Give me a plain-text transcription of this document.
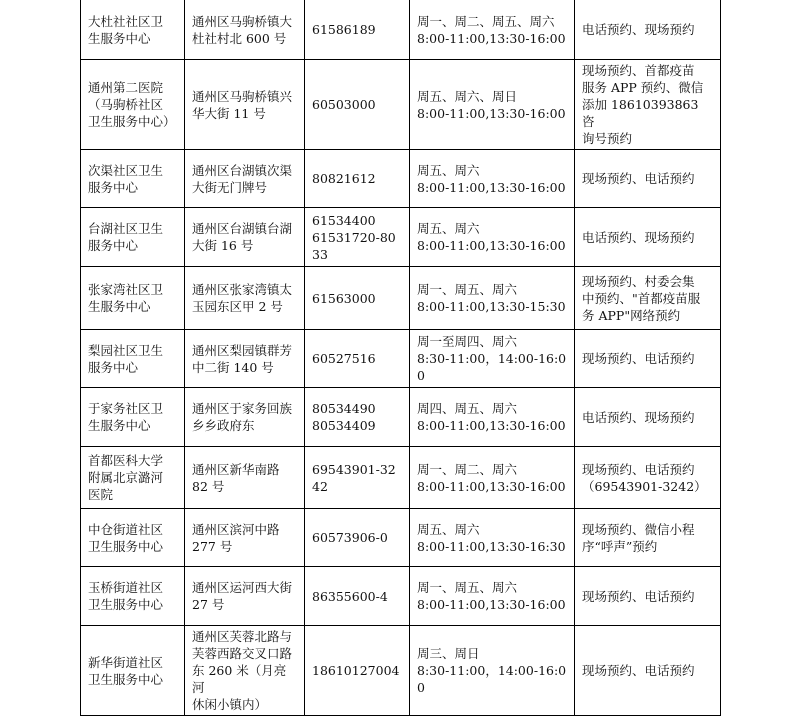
大杜社社区卫
生服务中心	通州区马驹桥镇大
杜社村北 600 号	61586189	周一、周二、周五、周六
8:00-11:00,13:30-16:00	电话预约、现场预约

通州第二医院
（马驹桥社区
卫生服务中心）	通州区马驹桥镇兴
华大街 11 号	60503000	周五、周六、周日
8:00-11:00,13:30-16:00	现场预约、首都疫苗
服务 APP 预约、微信
添加 18610393863 咨
询号预约

次渠社区卫生
服务中心	通州区台湖镇次渠
大街无门牌号	80821612	周五、周六
8:00-11:00,13:30-16:00	现场预约、电话预约

台湖社区卫生
服务中心	通州区台湖镇台湖
大街 16 号	61534400
61531720-8033	周五、周六
8:00-11:00,13:30-16:00	电话预约、现场预约

张家湾社区卫
生服务中心	通州区张家湾镇太
玉园东区甲 2 号	61563000	周一、周五、周六
8:00-11:00,13:30-15:30	现场预约、村委会集
中预约、"首都疫苗服
务 APP"网络预约

梨园社区卫生
服务中心	通州区梨园镇群芳
中二街 140 号	60527516	周一至周四、周六
8:30-11:00，14:00-16:00	现场预约、电话预约

于家务社区卫
生服务中心	通州区于家务回族
乡乡政府东	80534490
80534409	周四、周五、周六
8:00-11:00,13:30-16:00	电话预约、现场预约

首都医科大学
附属北京潞河
医院	通州区新华南路
82 号	69543901-3242	周一、周二、周六
8:00-11:00,13:30-16:00	现场预约、电话预约
（69543901-3242）

中仓街道社区
卫生服务中心	通州区滨河中路
277 号	60573906-0	周五、周六
8:00-11:00,13:30-16:30	现场预约、微信小程
序“呼声”预约

玉桥街道社区
卫生服务中心	通州区运河西大街
27 号	86355600-4	周一、周五、周六
8:00-11:00,13:30-16:00	现场预约、电话预约

新华街道社区
卫生服务中心	通州区芙蓉北路与
芙蓉西路交叉口路
东 260 米（月亮河
休闲小镇内）	18610127004	周三、周日
8:30-11:00，14:00-16:00	现场预约、电话预约
